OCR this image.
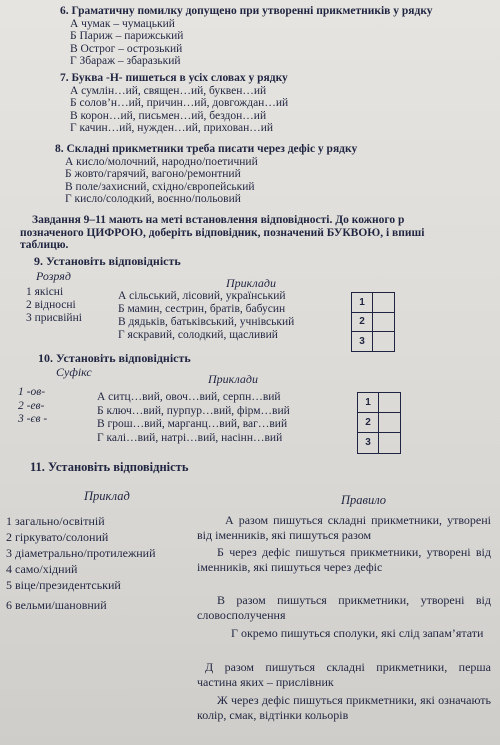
6. Граматичну помилку допущено при утворенні прикметників у рядку
А чумак – чумацький
Б Париж – парижський
В Острог – острозький
Г Збараж – збаразький
7. Буква -Н- пишеться в усіх словах у рядку
А сумлін…ий, священ…ий, буквен…ий
Б солов’н…ий, причин…ий, довгождан…ий
В корон…ий, письмен…ий, бездон…ий
Г качин…ий, нужден…ий, прихован…ий
8. Складні прикметники треба писати через дефіс у рядку
А кисло/молочний, народно/поетичний
Б жовто/гарячий, вагоно/ремонтний
В поле/захисний, східно/європейський
Г кисло/солодкий, воєнно/польовий
Завдання 9–11 мають на меті встановлення відповідності. До кожного р
позначеного ЦИФРОЮ, доберіть відповідник, позначений БУКВОЮ, і впиші
таблицю.
9. Установіть відповідність
Розряд	Приклади
1 якісні
2 відносні
3 присвійні
А сільський, лісовий, український
Б мамин, сестрин, братів, бабусин
В дядьків, батьківський, учнівський
Г яскравий, солодкий, щасливий
1
2
3
10. Установіть відповідність
Суфікс	Приклади
1 -ов-
2 -ев-
3 -єв -
А ситц…вий, овоч…вий, серпн…вий
Б ключ…вий, пурпур…вий, фірм…вий
В грош…вий, марганц…вий, ваг…вий
Г калі…вий, натрі…вий, насінн…вий
1
2
3
11. Установіть відповідність
Приклад	Правило
1 загально/освітній
2 гіркувато/солоний
3 діаметрально/протилежний
4 само/хідний
5 віце/президентський
6 вельми/шановний
А разом пишуться складні прикметники, утворені від іменників, які пишуться разом
Б через дефіс пишуться прикметники, утворені від іменників, які пишуться через дефіс
В разом пишуться прикметники, утворені від словосполучення
Г окремо пишуться сполуки, які слід запам’ятати
Д разом пишуться складні прикметники, перша частина яких – прислівник
Ж через дефіс пишуться прикметники, які означають колір, смак, відтінки кольорів
